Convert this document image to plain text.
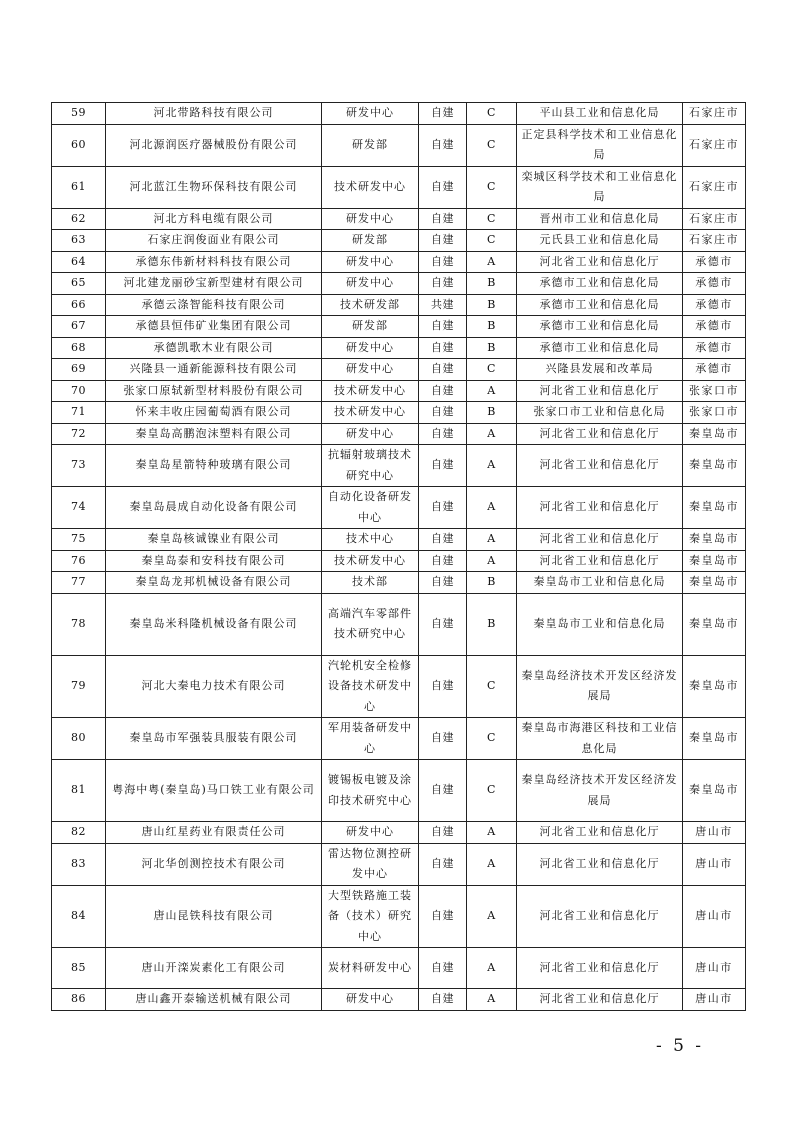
59	河北带路科技有限公司	研发中心	自建	C	平山县工业和信息化局	石家庄市
60	河北源润医疗器械股份有限公司	研发部	自建	C	正定县科学技术和工业信息化局	石家庄市
61	河北蓝江生物环保科技有限公司	技术研发中心	自建	C	栾城区科学技术和工业信息化局	石家庄市
62	河北方科电缆有限公司	研发中心	自建	C	晋州市工业和信息化局	石家庄市
63	石家庄润俊面业有限公司	研发部	自建	C	元氏县工业和信息化局	石家庄市
64	承德东伟新材料科技有限公司	研发中心	自建	A	河北省工业和信息化厅	承德市
65	河北建龙丽砂宝新型建材有限公司	研发中心	自建	B	承德市工业和信息化局	承德市
66	承德云涤智能科技有限公司	技术研发部	共建	B	承德市工业和信息化局	承德市
67	承德县恒伟矿业集团有限公司	研发部	自建	B	承德市工业和信息化局	承德市
68	承德凯歌木业有限公司	研发中心	自建	B	承德市工业和信息化局	承德市
69	兴隆县一通新能源科技有限公司	研发中心	自建	C	兴隆县发展和改革局	承德市
70	张家口原轼新型材料股份有限公司	技术研发中心	自建	A	河北省工业和信息化厅	张家口市
71	怀来丰收庄园葡萄酒有限公司	技术研发中心	自建	B	张家口市工业和信息化局	张家口市
72	秦皇岛高鹏泡沫塑料有限公司	研发中心	自建	A	河北省工业和信息化厅	秦皇岛市
73	秦皇岛星箭特种玻璃有限公司	抗辐射玻璃技术研究中心	自建	A	河北省工业和信息化厅	秦皇岛市
74	秦皇岛晨成自动化设备有限公司	自动化设备研发中心	自建	A	河北省工业和信息化厅	秦皇岛市
75	秦皇岛核诚镍业有限公司	技术中心	自建	A	河北省工业和信息化厅	秦皇岛市
76	秦皇岛泰和安科技有限公司	技术研发中心	自建	A	河北省工业和信息化厅	秦皇岛市
77	秦皇岛龙邦机械设备有限公司	技术部	自建	B	秦皇岛市工业和信息化局	秦皇岛市
78	秦皇岛米科隆机械设备有限公司	高端汽车零部件技术研究中心	自建	B	秦皇岛市工业和信息化局	秦皇岛市
79	河北大秦电力技术有限公司	汽轮机安全检修设备技术研发中心	自建	C	秦皇岛经济技术开发区经济发展局	秦皇岛市
80	秦皇岛市军强装具服装有限公司	军用装备研发中心	自建	C	秦皇岛市海港区科技和工业信息化局	秦皇岛市
81	粤海中粤(秦皇岛)马口铁工业有限公司	镀锡板电镀及涂印技术研究中心	自建	C	秦皇岛经济技术开发区经济发展局	秦皇岛市
82	唐山红星药业有限责任公司	研发中心	自建	A	河北省工业和信息化厅	唐山市
83	河北华创测控技术有限公司	雷达物位测控研发中心	自建	A	河北省工业和信息化厅	唐山市
84	唐山昆铁科技有限公司	大型铁路施工装备（技术）研究中心	自建	A	河北省工业和信息化厅	唐山市
85	唐山开滦炭素化工有限公司	炭材料研发中心	自建	A	河北省工业和信息化厅	唐山市
86	唐山鑫开泰输送机械有限公司	研发中心	自建	A	河北省工业和信息化厅	唐山市
- 5 -
